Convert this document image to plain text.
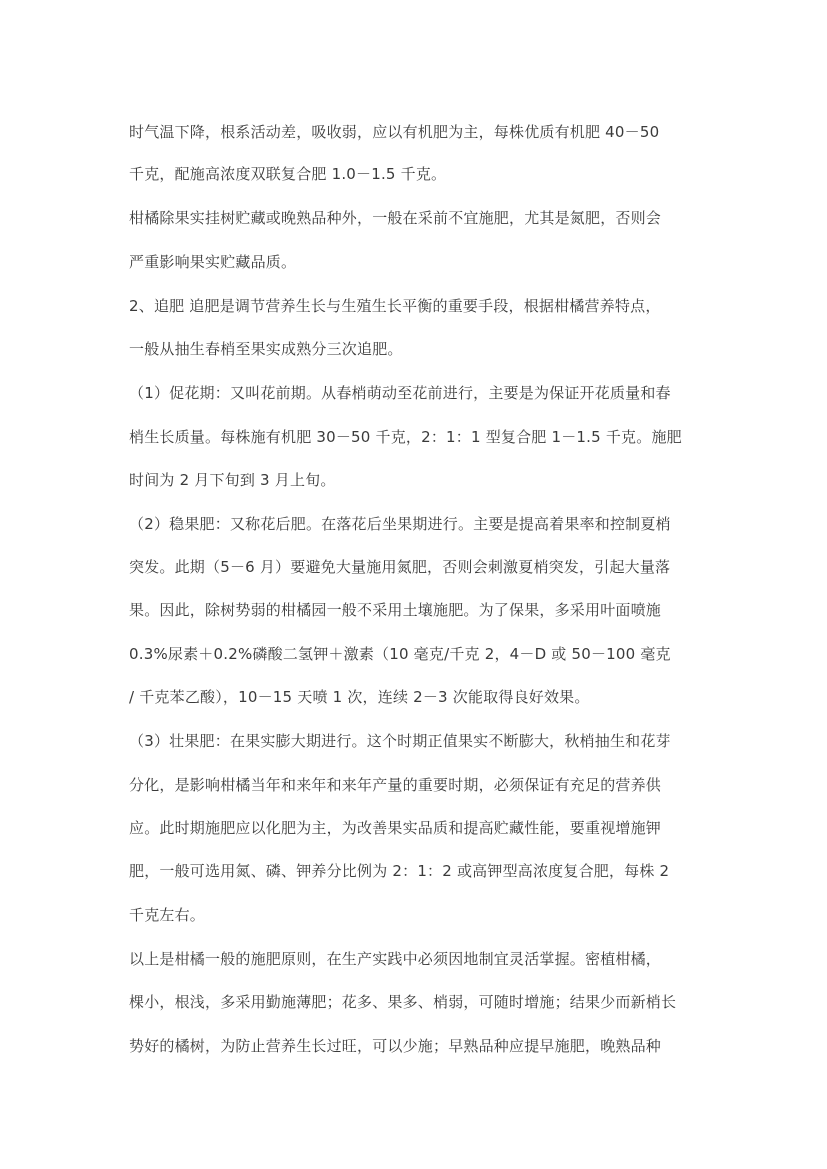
时气温下降，根系活动差，吸收弱，应以有机肥为主，每株优质有机肥 40－50
千克，配施高浓度双联复合肥 1.0－1.5 千克。
柑橘除果实挂树贮藏或晚熟品种外，一般在采前不宜施肥，尤其是氮肥，否则会
严重影响果实贮藏品质。
2、追肥 追肥是调节营养生长与生殖生长平衡的重要手段，根据柑橘营养特点，
一般从抽生春梢至果实成熟分三次追肥。
（1）促花期：又叫花前期。从春梢萌动至花前进行，主要是为保证开花质量和春
梢生长质量。每株施有机肥 30－50 千克，2：1：1 型复合肥 1－1.5 千克。施肥
时间为 2 月下旬到 3 月上旬。
（2）稳果肥：又称花后肥。在落花后坐果期进行。主要是提高着果率和控制夏梢
突发。此期（5－6 月）要避免大量施用氮肥，否则会刺激夏梢突发，引起大量落
果。因此，除树势弱的柑橘园一般不采用土壤施肥。为了保果，多采用叶面喷施
0.3%尿素＋0.2%磷酸二氢钾＋激素（10 毫克/千克 2，4－D 或 50－100 毫克
/ 千克苯乙酸），10－15 天喷 1 次，连续 2－3 次能取得良好效果。
（3）壮果肥：在果实膨大期进行。这个时期正值果实不断膨大，秋梢抽生和花芽
分化，是影响柑橘当年和来年和来年产量的重要时期，必须保证有充足的营养供
应。此时期施肥应以化肥为主，为改善果实品质和提高贮藏性能，要重视增施钾
肥，一般可选用氮、磷、钾养分比例为 2：1：2 或高钾型高浓度复合肥，每株 2
千克左右。
以上是柑橘一般的施肥原则，在生产实践中必须因地制宜灵活掌握。密植柑橘，
棵小，根浅，多采用勤施薄肥；花多、果多、梢弱，可随时增施；结果少而新梢长
势好的橘树，为防止营养生长过旺，可以少施；早熟品种应提早施肥，晚熟品种
